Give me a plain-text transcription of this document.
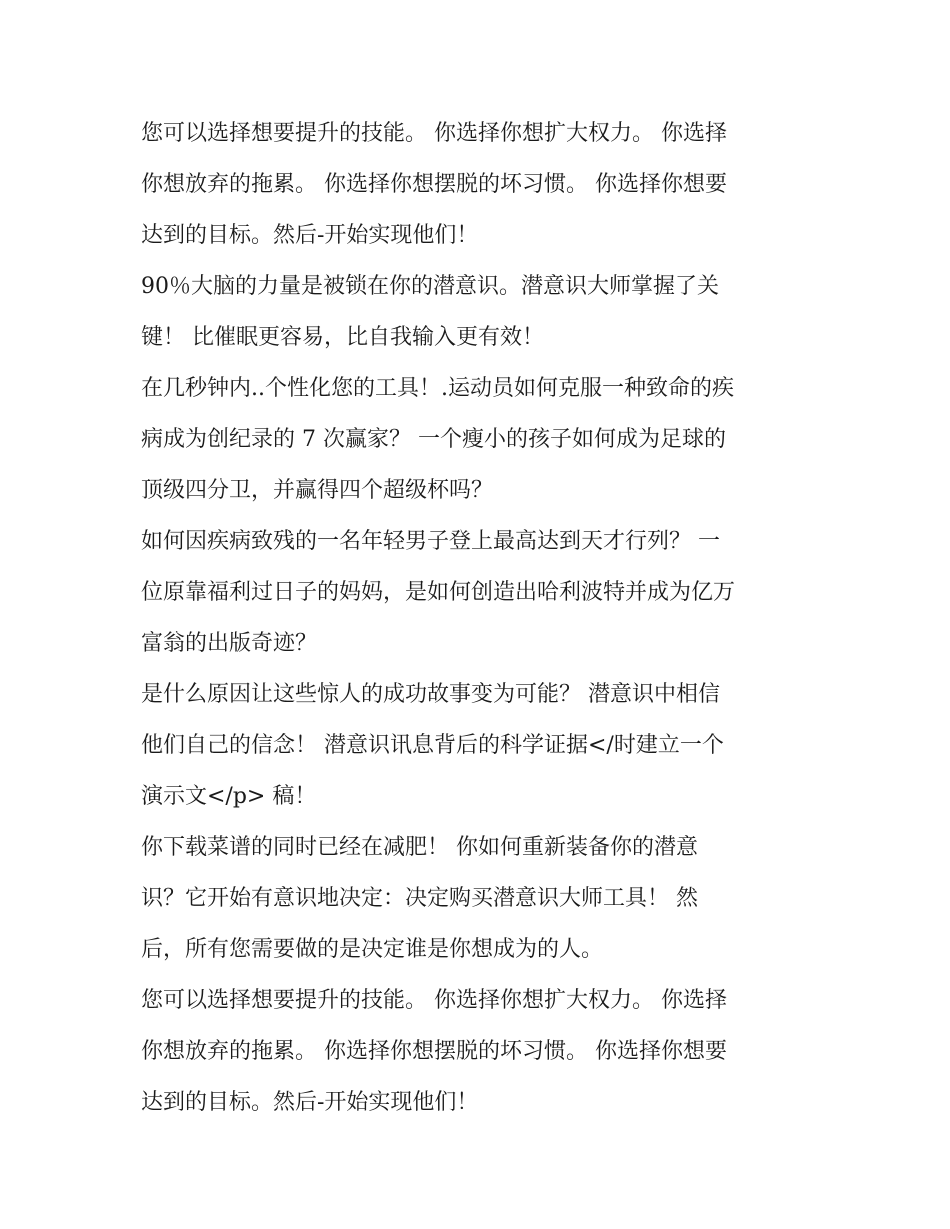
您可以选择想要提升的技能。 你选择你想扩大权力。 你选择
你想放弃的拖累。 你选择你想摆脱的坏习惯。 你选择你想要
达到的目标。然后-开始实现他们！

90％大脑的力量是被锁在你的潜意识。潜意识大师掌握了关
键！ 比催眠更容易，比自我输入更有效！

在几秒钟内..个性化您的工具！.运动员如何克服一种致命的疾
病成为创纪录的 7 次赢家？ 一个瘦小的孩子如何成为足球的
顶级四分卫，并赢得四个超级杯吗？

如何因疾病致残的一名年轻男子登上最高达到天才行列？ 一
位原靠福利过日子的妈妈，是如何创造出哈利波特并成为亿万
富翁的出版奇迹？

是什么原因让这些惊人的成功故事变为可能？ 潜意识中相信
他们自己的信念！ 潜意识讯息背后的科学证据</时建立一个
演示文</p> 稿！

你下载菜谱的同时已经在减肥！ 你如何重新装备你的潜意
识？它开始有意识地决定：决定购买潜意识大师工具！ 然
后，所有您需要做的是决定谁是你想成为的人。

您可以选择想要提升的技能。 你选择你想扩大权力。 你选择
你想放弃的拖累。 你选择你想摆脱的坏习惯。 你选择你想要
达到的目标。然后-开始实现他们！
